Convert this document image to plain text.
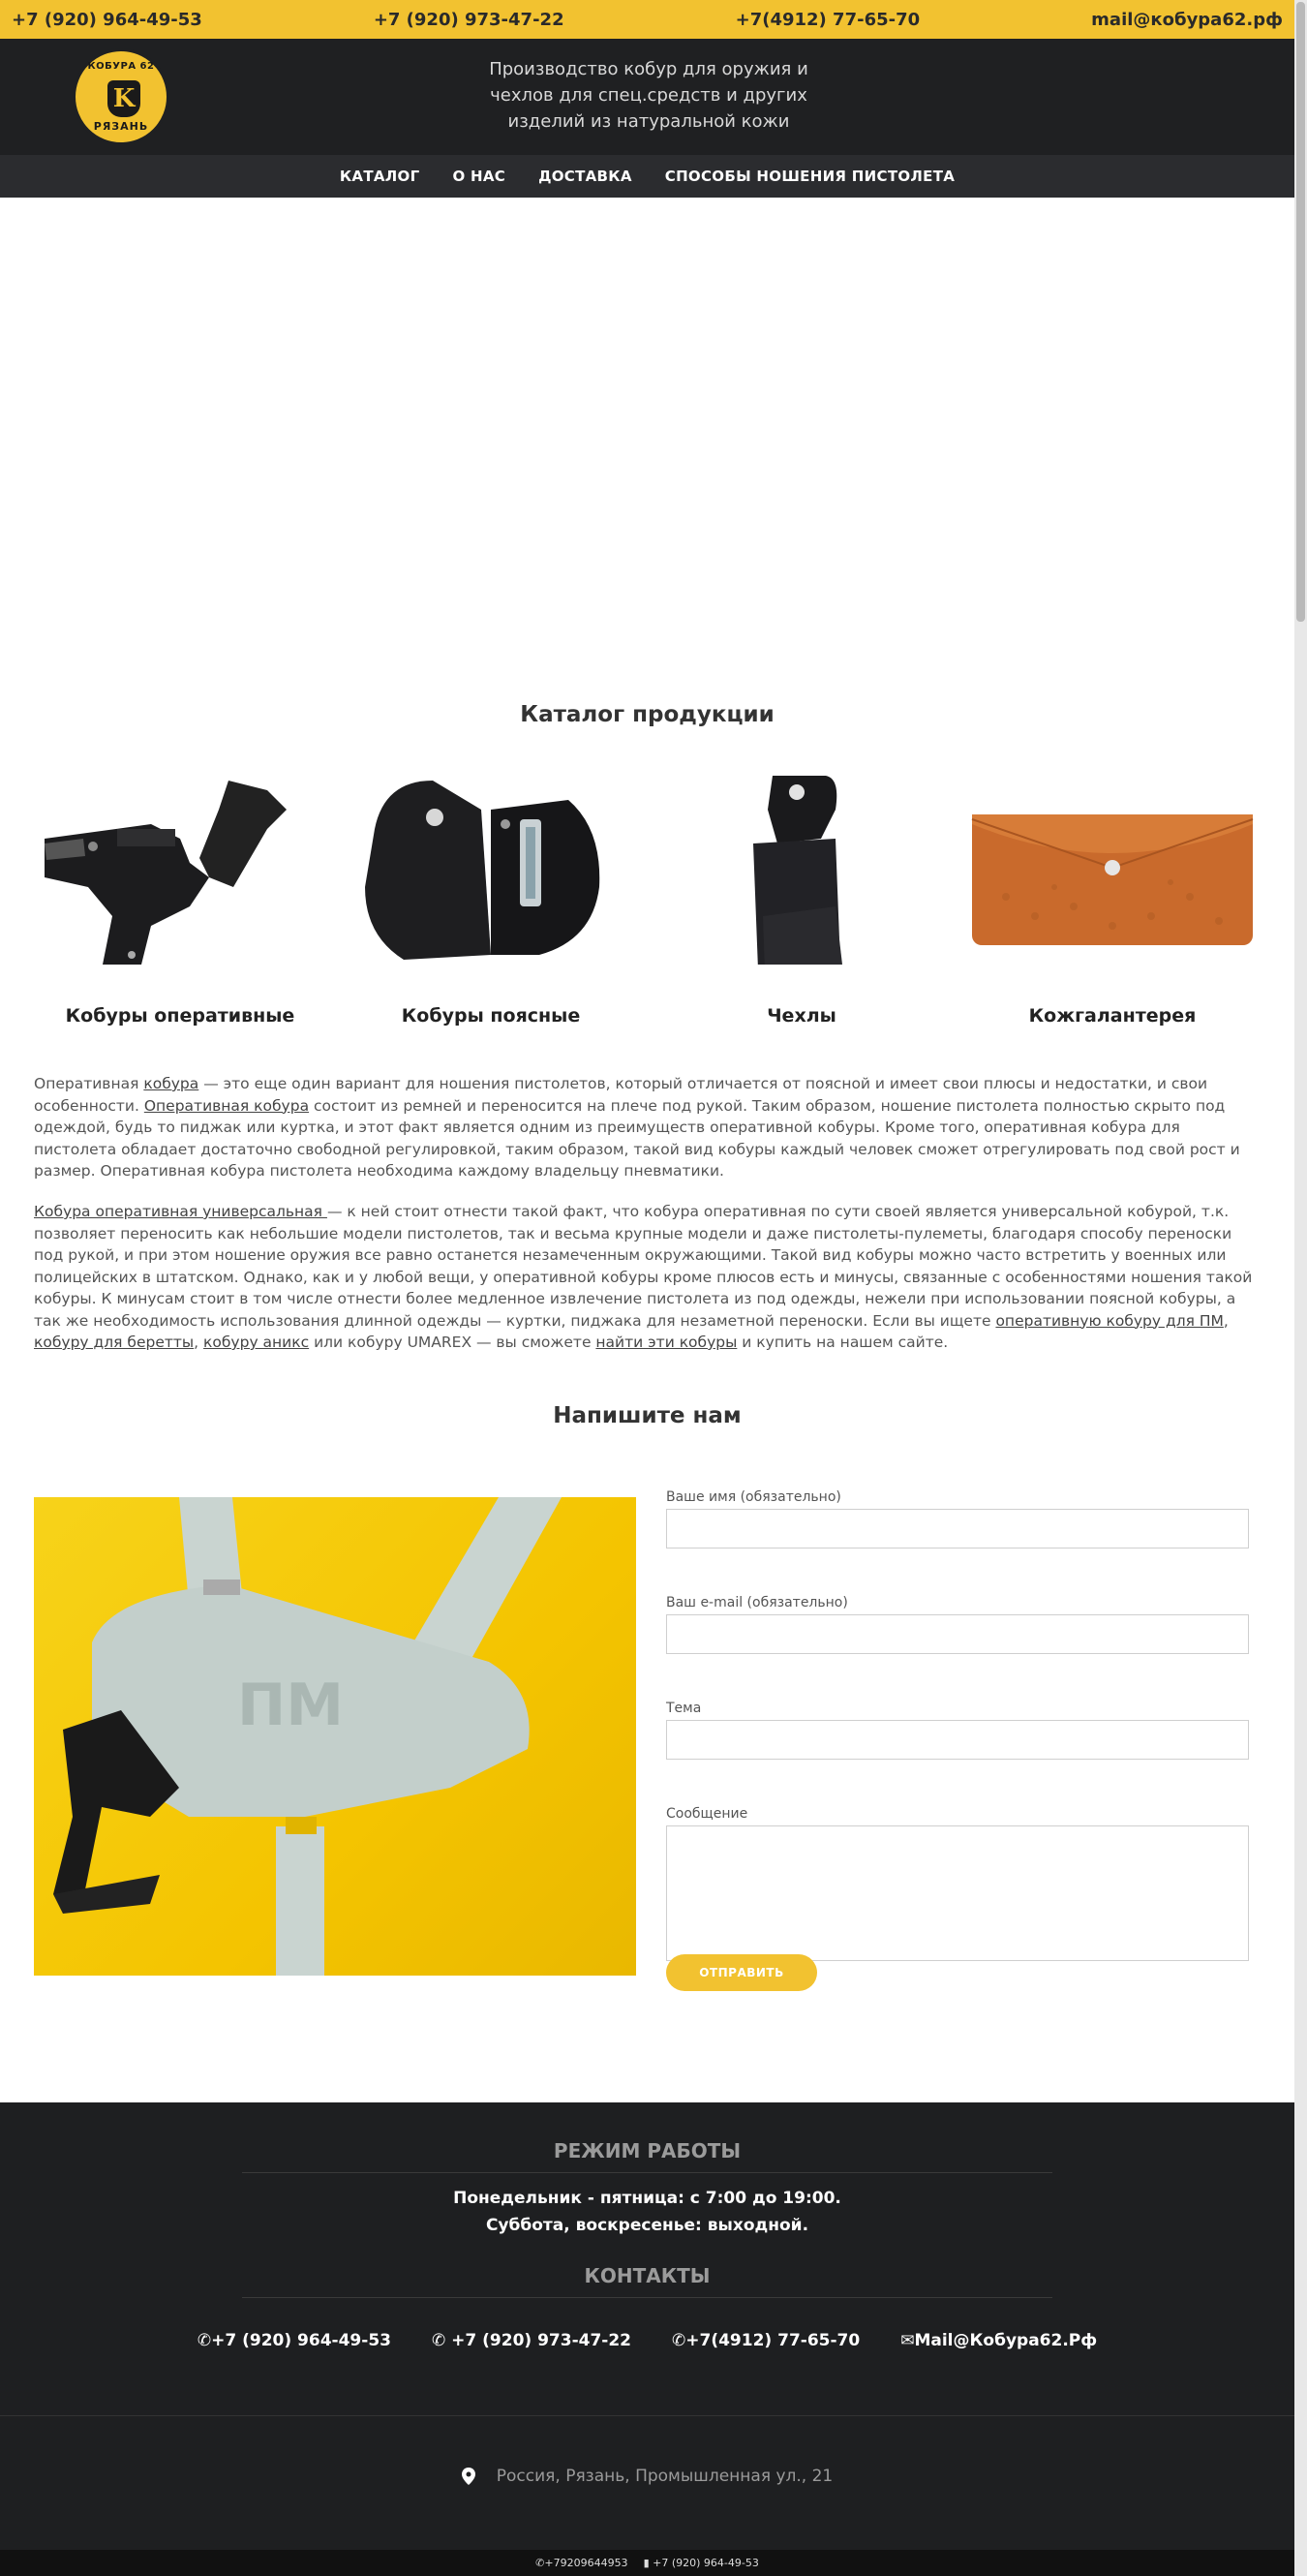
+7 (920) 964-49-53	+7 (920) 973-47-22	+7(4912) 77-65-70	mail@кобура62.рф
КОБУРА 62
K
РЯЗАНЬ
Производство кобур для оружия и
чехлов для спец.средств и других
изделий из натуральной кожи
КАТАЛОГ О НАС ДОСТАВКА СПОСОБЫ НОШЕНИЯ ПИСТОЛЕТА
Каталог продукции
Кобуры оперативные	Кобуры поясные	Чехлы	Кожгалантерея
Оперативная кобура — это еще один вариант для ношения пистолетов, который отличается от поясной и имеет свои плюсы и недостатки, и свои особенности. Оперативная кобура состоит из ремней и переносится на плече под рукой. Таким образом, ношение пистолета полностью скрыто под одеждой, будь то пиджак или куртка, и этот факт является одним из преимуществ оперативной кобуры. Кроме того, оперативная кобура для пистолета обладает достаточно свободной регулировкой, таким образом, такой вид кобуры каждый человек сможет отрегулировать под свой рост и размер. Оперативная кобура пистолета необходима каждому владельцу пневматики.
Кобура оперативная универсальная — к ней стоит отнести такой факт, что кобура оперативная по сути своей является универсальной кобурой, т.к. позволяет переносить как небольшие модели пистолетов, так и весьма крупные модели и даже пистолеты-пулеметы, благодаря способу переноски под рукой, и при этом ношение оружия все равно останется незамеченным окружающими. Такой вид кобуры можно часто встретить у военных или полицейских в штатском. Однако, как и у любой вещи, у оперативной кобуры кроме плюсов есть и минусы, связанные с особенностями ношения такой кобуры. К минусам стоит в том числе отнести более медленное извлечение пистолета из под одежды, нежели при использовании поясной кобуры, а так же необходимость использования длинной одежды — куртки, пиджака для незаметной переноски. Если вы ищете оперативную кобуру для ПМ, кобуру для беретты, кобуру аникс или кобуру UMAREX — вы сможете найти эти кобуры и купить на нашем сайте.
Напишите нам
ПМ
Ваше имя (обязательно)
Ваш e-mail (обязательно)
Тема
Сообщение
ОТПРАВИТЬ
РЕЖИМ РАБОТЫ
Понедельник - пятница: с 7:00 до 19:00.
Суббота, воскресенье: выходной.
КОНТАКТЫ
✆+7 (920) 964-49-53 ✆ +7 (920) 973-47-22 ✆+7(4912) 77-65-70 ✉Mail@Кобура62.Рф
Россия, Рязань, Промышленная ул., 21
✆+79209644953 ▮ +7 (920) 964-49-53
